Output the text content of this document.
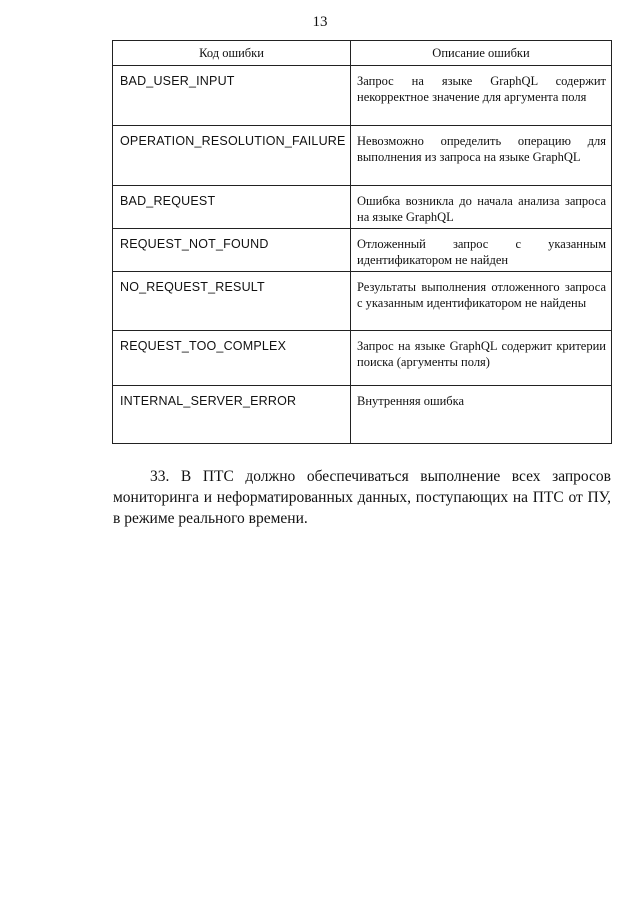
13
Код ошибки	Описание ошибки
BAD_USER_INPUT	Запрос на языке GraphQL содержит некорректное значение для аргумента поля
OPERATION_RESOLUTION_FAILURE	Невозможно определить операцию для выполнения из запроса на языке GraphQL
BAD_REQUEST	Ошибка возникла до начала анализа запроса на языке GraphQL
REQUEST_NOT_FOUND	Отложенный запрос с указанным идентификатором не найден
NO_REQUEST_RESULT	Результаты выполнения отложенного запроса с указанным идентификатором не найдены
REQUEST_TOO_COMPLEX	Запрос на языке GraphQL содержит критерии поиска (аргументы поля)
INTERNAL_SERVER_ERROR	Внутренняя ошибка

33. В ПТС должно обеспечиваться выполнение всех запросов мониторинга и неформатированных данных, поступающих на ПТС от ПУ, в режиме реального времени.
